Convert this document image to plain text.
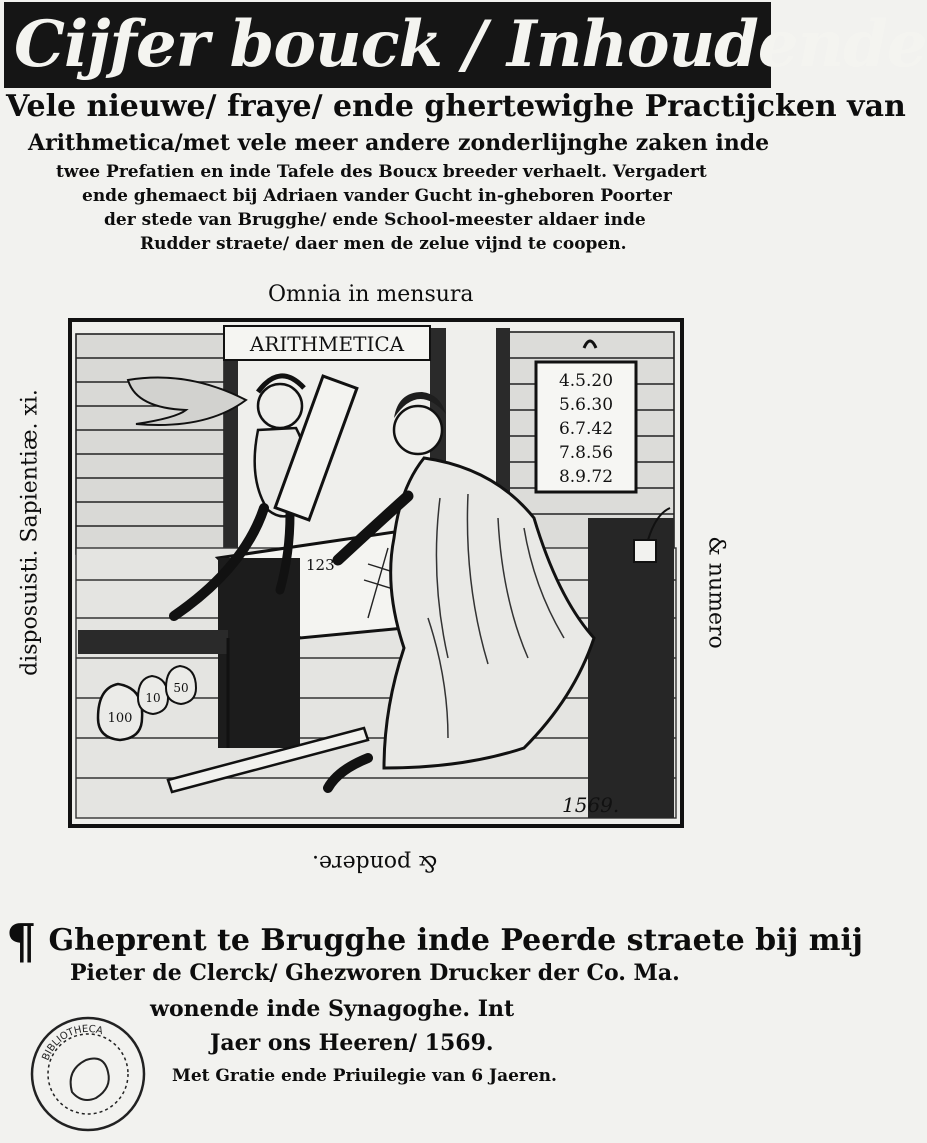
Cijfer bouck / Inhoudende
Vele nieuwe/ fraye/ ende ghertewighe Practijcken van
Arithmetica/met vele meer andere zonderlijnghe zaken inde
twee Prefatien en inde Tafele des Boucx breeder verhaelt. Vergadert
ende ghemaect bij Adriaen vander Gucht in-gheboren Poorter
der stede van Brugghe/ ende School-meester aldaer inde
Rudder straete/ daer men de zelue vijnd te coopen.
Omnia in mensura
& numero
& pondere.
disposuisti. Sapientiæ. xi.
ARITHMETICA
4.5.20
5.6.30
6.7.42
7.8.56
8.9.72
123
100
10
50
1569.
¶ Gheprent te Brugghe inde Peerde straete bij mij
Pieter de Clerck/ Ghezworen Drucker der Co. Ma.
wonende inde Synagoghe. Int
Jaer ons Heeren/ 1569.
Met Gratie ende Priuilegie van 6 Jaeren.
BIBLIOTHECA
